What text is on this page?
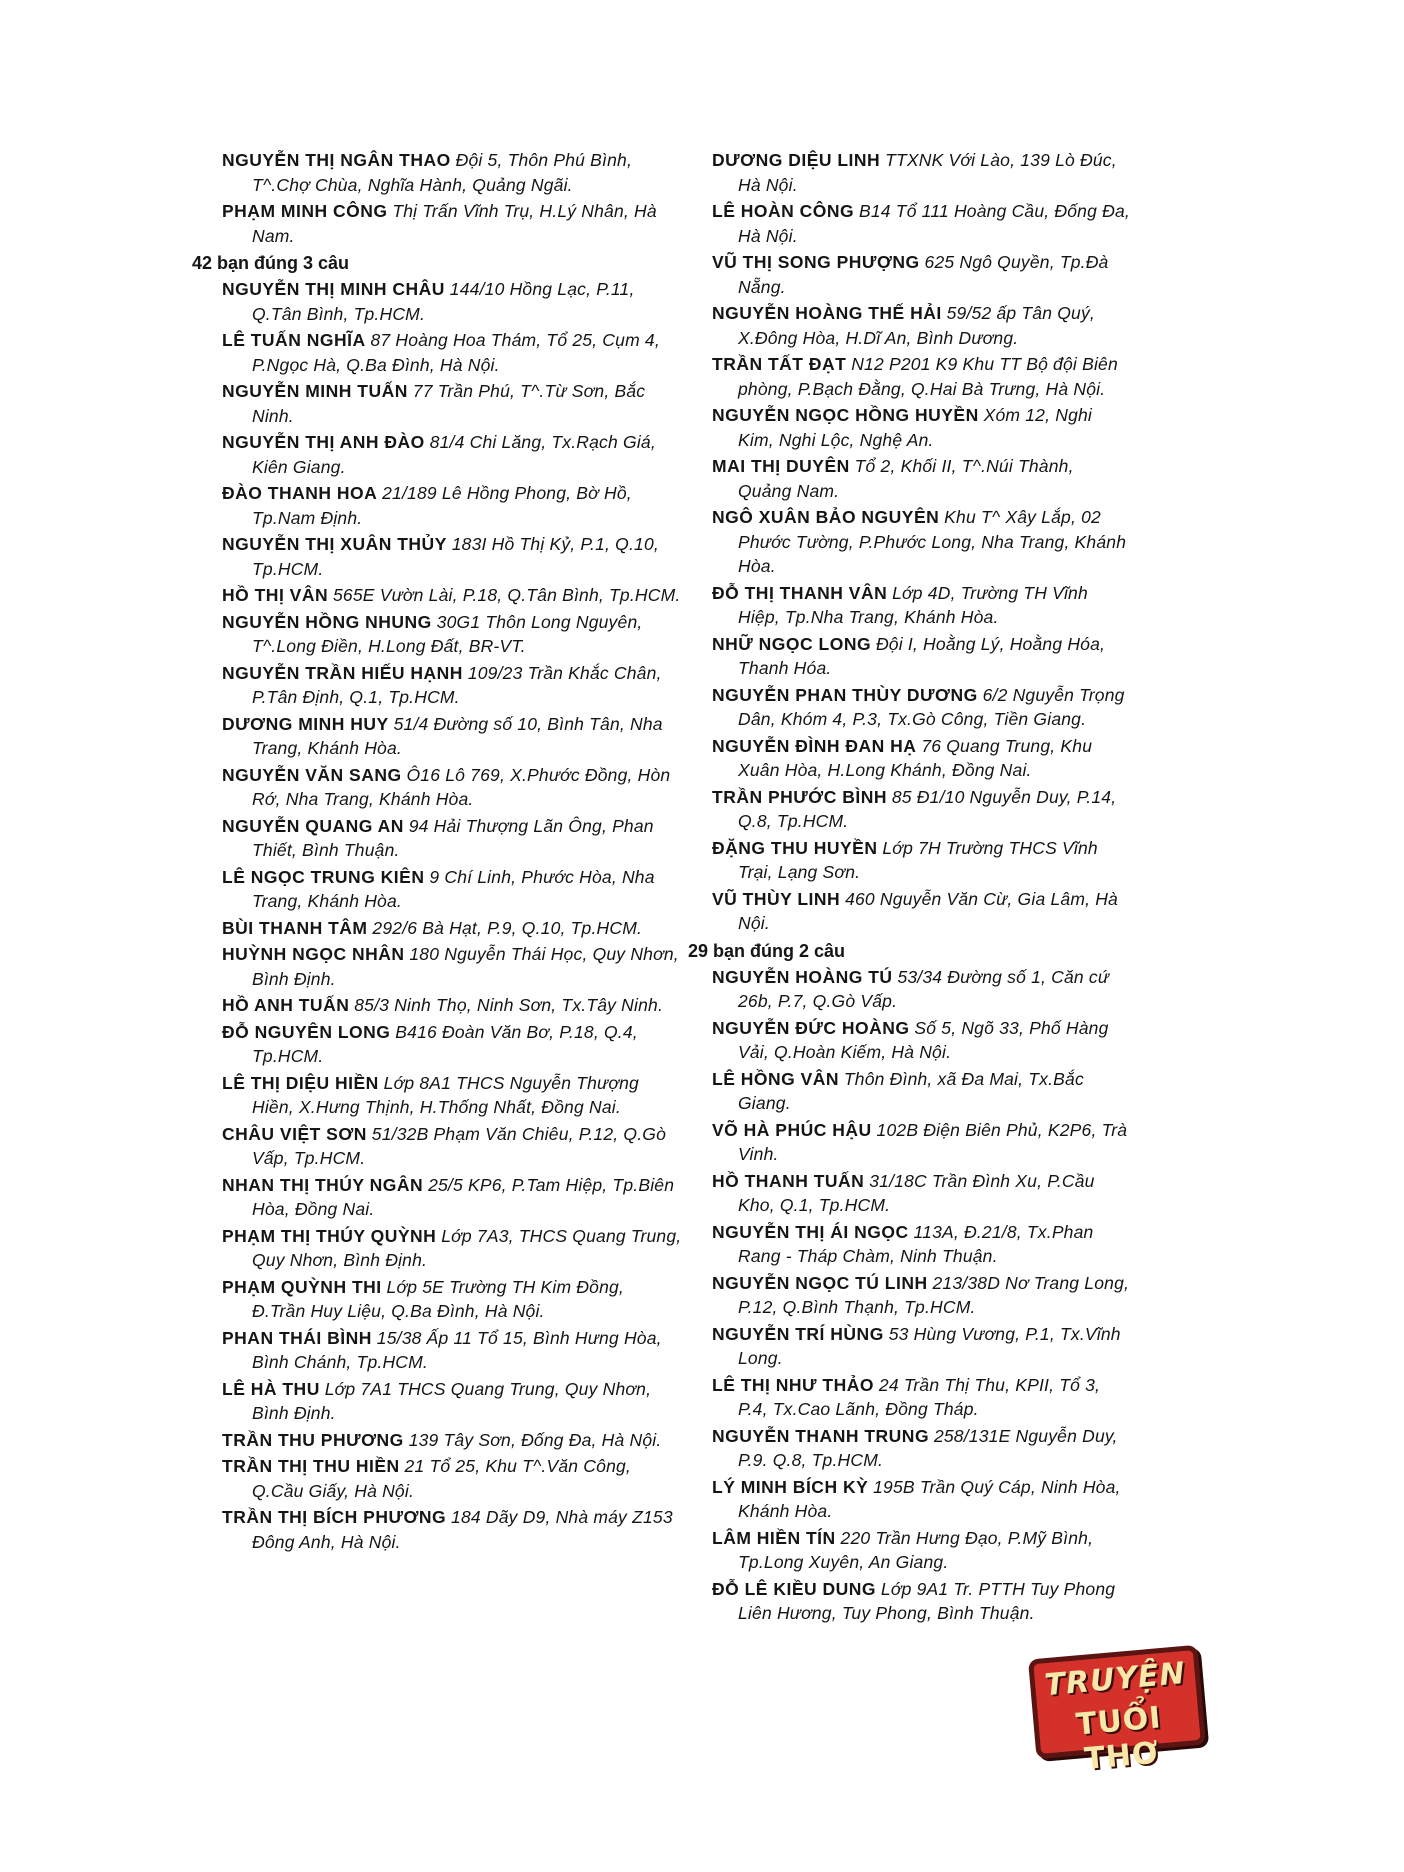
NGUYỄN THỊ NGÂN THAO Đội 5, Thôn Phú Bình, T^.Chợ Chùa, Nghĩa Hành, Quảng Ngãi.
PHẠM MINH CÔNG Thị Trấn Vĩnh Trụ, H.Lý Nhân, Hà Nam.
42 bạn đúng 3 câu
NGUYỄN THỊ MINH CHÂU 144/10 Hồng Lạc, P.11, Q.Tân Bình, Tp.HCM.
LÊ TUẤN NGHĨA 87 Hoàng Hoa Thám, Tổ 25, Cụm 4, P.Ngọc Hà, Q.Ba Đình, Hà Nội.
NGUYỄN MINH TUẤN 77 Trần Phú, T^.Từ Sơn, Bắc Ninh.
NGUYỄN THỊ ANH ĐÀO 81/4 Chi Lăng, Tx.Rạch Giá, Kiên Giang.
ĐÀO THANH HOA 21/189 Lê Hồng Phong, Bờ Hồ, Tp.Nam Định.
NGUYỄN THỊ XUÂN THỦY 183I Hồ Thị Kỷ, P.1, Q.10, Tp.HCM.
HỒ THỊ VÂN 565E Vườn Lài, P.18, Q.Tân Bình, Tp.HCM.
NGUYỄN HỒNG NHUNG 30G1 Thôn Long Nguyên, T^.Long Điền, H.Long Đất, BR-VT.
NGUYỄN TRẦN HIẾU HẠNH 109/23 Trần Khắc Chân, P.Tân Định, Q.1, Tp.HCM.
DƯƠNG MINH HUY 51/4 Đường số 10, Bình Tân, Nha Trang, Khánh Hòa.
NGUYỄN VĂN SANG Ô16 Lô 769, X.Phước Đồng, Hòn Rớ, Nha Trang, Khánh Hòa.
NGUYỄN QUANG AN 94 Hải Thượng Lãn Ông, Phan Thiết, Bình Thuận.
LÊ NGỌC TRUNG KIÊN 9 Chí Linh, Phước Hòa, Nha Trang, Khánh Hòa.
BÙI THANH TÂM 292/6 Bà Hạt, P.9, Q.10, Tp.HCM.
HUỲNH NGỌC NHÂN 180 Nguyễn Thái Học, Quy Nhơn, Bình Định.
HỒ ANH TUẤN 85/3 Ninh Thọ, Ninh Sơn, Tx.Tây Ninh.
ĐỖ NGUYÊN LONG B416 Đoàn Văn Bơ, P.18, Q.4, Tp.HCM.
LÊ THỊ DIỆU HIỀN Lớp 8A1 THCS Nguyễn Thượng Hiền, X.Hưng Thịnh, H.Thống Nhất, Đồng Nai.
CHÂU VIỆT SƠN 51/32B Phạm Văn Chiêu, P.12, Q.Gò Vấp, Tp.HCM.
NHAN THỊ THÚY NGÂN 25/5 KP6, P.Tam Hiệp, Tp.Biên Hòa, Đồng Nai.
PHẠM THỊ THÚY QUỲNH Lớp 7A3, THCS Quang Trung, Quy Nhơn, Bình Định.
PHẠM QUỲNH THI Lớp 5E Trường TH Kim Đồng, Đ.Trần Huy Liệu, Q.Ba Đình, Hà Nội.
PHAN THÁI BÌNH 15/38 Ấp 11 Tổ 15, Bình Hưng Hòa, Bình Chánh, Tp.HCM.
LÊ HÀ THU Lớp 7A1 THCS Quang Trung, Quy Nhơn, Bình Định.
TRẦN THU PHƯƠNG 139 Tây Sơn, Đống Đa, Hà Nội.
TRẦN THỊ THU HIỀN 21 Tổ 25, Khu T^.Văn Công, Q.Cầu Giấy, Hà Nội.
TRẦN THỊ BÍCH PHƯƠNG 184 Dãy D9, Nhà máy Z153 Đông Anh, Hà Nội.
DƯƠNG DIỆU LINH TTXNK Với Lào, 139 Lò Đúc, Hà Nội.
LÊ HOÀN CÔNG B14 Tổ 111 Hoàng Cầu, Đống Đa, Hà Nội.
VŨ THỊ SONG PHƯỢNG 625 Ngô Quyền, Tp.Đà Nẵng.
NGUYỄN HOÀNG THẾ HẢI 59/52 ấp Tân Quý, X.Đông Hòa, H.Dĩ An, Bình Dương.
TRẦN TẤT ĐẠT N12 P201 K9 Khu TT Bộ đội Biên phòng, P.Bạch Đằng, Q.Hai Bà Trưng, Hà Nội.
NGUYỄN NGỌC HỒNG HUYỀN Xóm 12, Nghi Kim, Nghi Lộc, Nghệ An.
MAI THỊ DUYÊN Tổ 2, Khối II, T^.Núi Thành, Quảng Nam.
NGÔ XUÂN BẢO NGUYÊN Khu T^ Xây Lắp, 02 Phước Tường, P.Phước Long, Nha Trang, Khánh Hòa.
ĐỖ THỊ THANH VÂN Lớp 4D, Trường TH Vĩnh Hiệp, Tp.Nha Trang, Khánh Hòa.
NHỮ NGỌC LONG Đội I, Hoằng Lý, Hoằng Hóa, Thanh Hóa.
NGUYỄN PHAN THÙY DƯƠNG 6/2 Nguyễn Trọng Dân, Khóm 4, P.3, Tx.Gò Công, Tiền Giang.
NGUYỄN ĐÌNH ĐAN HẠ 76 Quang Trung, Khu Xuân Hòa, H.Long Khánh, Đồng Nai.
TRẦN PHƯỚC BÌNH 85 Đ1/10 Nguyễn Duy, P.14, Q.8, Tp.HCM.
ĐẶNG THU HUYỀN Lớp 7H Trường THCS Vĩnh Trại, Lạng Sơn.
VŨ THÙY LINH 460 Nguyễn Văn Cừ, Gia Lâm, Hà Nội.
29 bạn đúng 2 câu
NGUYỄN HOÀNG TÚ 53/34 Đường số 1, Căn cứ 26b, P.7, Q.Gò Vấp.
NGUYỄN ĐỨC HOÀNG Số 5, Ngõ 33, Phố Hàng Vải, Q.Hoàn Kiếm, Hà Nội.
LÊ HỒNG VÂN Thôn Đình, xã Đa Mai, Tx.Bắc Giang.
VÕ HÀ PHÚC HẬU 102B Điện Biên Phủ, K2P6, Trà Vinh.
HỒ THANH TUẤN 31/18C Trần Đình Xu, P.Cầu Kho, Q.1, Tp.HCM.
NGUYỄN THỊ ÁI NGỌC 113A, Đ.21/8, Tx.Phan Rang - Tháp Chàm, Ninh Thuận.
NGUYỄN NGỌC TÚ LINH 213/38D Nơ Trang Long, P.12, Q.Bình Thạnh, Tp.HCM.
NGUYỄN TRÍ HÙNG 53 Hùng Vương, P.1, Tx.Vĩnh Long.
LÊ THỊ NHƯ THẢO 24 Trần Thị Thu, KPII, Tổ 3, P.4, Tx.Cao Lãnh, Đồng Tháp.
NGUYỄN THANH TRUNG 258/131E Nguyễn Duy, P.9. Q.8, Tp.HCM.
LÝ MINH BÍCH KỲ 195B Trần Quý Cáp, Ninh Hòa, Khánh Hòa.
LÂM HIỀN TÍN 220 Trần Hưng Đạo, P.Mỹ Bình, Tp.Long Xuyên, An Giang.
ĐỖ LÊ KIỀU DUNG Lớp 9A1 Tr. PTTH Tuy Phong Liên Hương, Tuy Phong, Bình Thuận.
TRUYỆN
TUỔI THƠ
